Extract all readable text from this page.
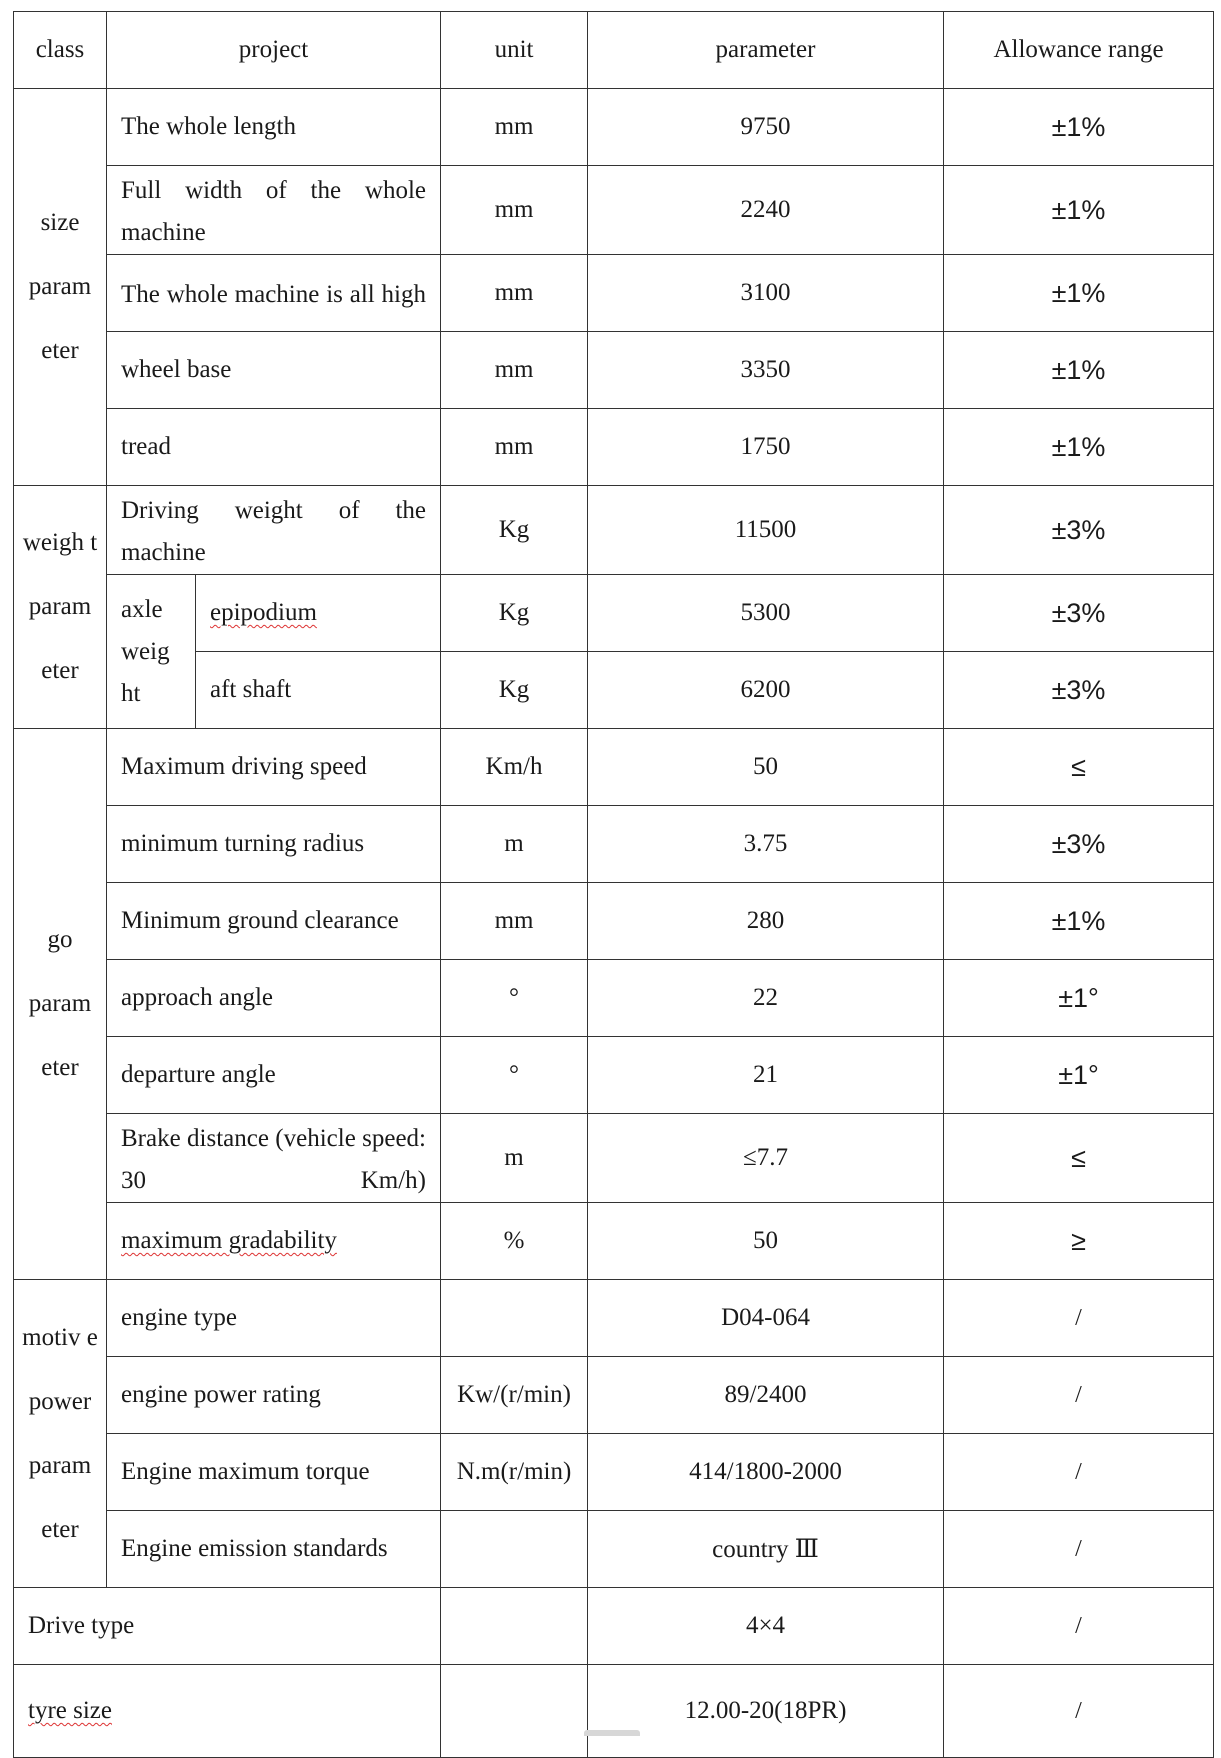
class	project		unit	parameter	Allowance range
size param eter	The whole length		mm	9750	±1%
	Full width of the whole machine		mm	2240	±1%
	The whole machine is all high		mm	3100	±1%
	wheel base		mm	3350	±1%
	tread		mm	1750	±1%
weigh t param eter	Driving weight of the machine		Kg	11500	±3%
	axle weig ht	epipodium	Kg	5300	±3%
		aft shaft	Kg	6200	±3%
go param eter	Maximum driving speed		Km/h	50	≤
	minimum turning radius		m	3.75	±3%
	Minimum ground clearance		mm	280	±1%
	approach angle		°	22	±1°
	departure angle		°	21	±1°
	Brake distance (vehicle speed: 30 Km/h)		m	≤7.7	≤
	maximum gradability		%	50	≥
motiv e power param eter	engine type			D04-064	/
	engine power rating		Kw/(r/min)	89/2400	/
	Engine maximum torque		N.m(r/min)	414/1800-2000	/
	Engine emission standards			country Ⅲ	/
Drive type				4×4	/
tyre size				12.00-20(18PR)	/
